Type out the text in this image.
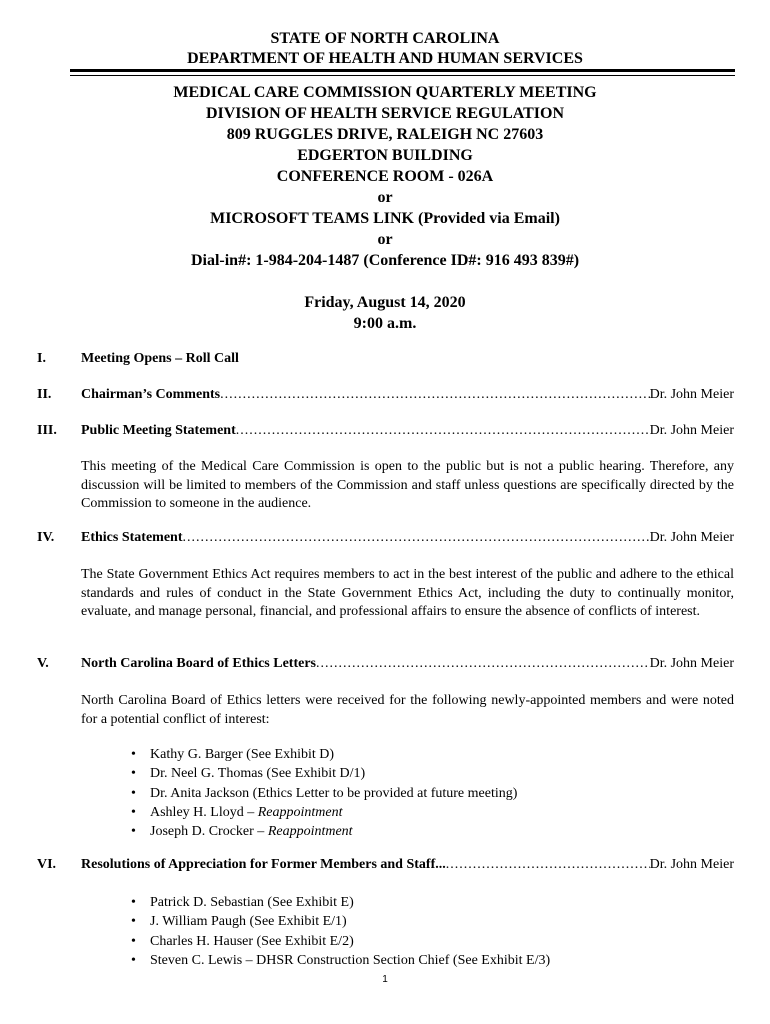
STATE OF NORTH CAROLINA
DEPARTMENT OF HEALTH AND HUMAN SERVICES
MEDICAL CARE COMMISSION QUARTERLY MEETING
DIVISION OF HEALTH SERVICE REGULATION
809 RUGGLES DRIVE, RALEIGH NC 27603
EDGERTON BUILDING
CONFERENCE ROOM - 026A
or
MICROSOFT TEAMS LINK (Provided via Email)
or
Dial-in#: 1-984-204-1487 (Conference ID#: 916 493 839#)
Friday, August 14, 2020
9:00 a.m.
I.	Meeting Opens – Roll Call
II. Chairman’s Comments .....	Dr. John Meier
III. Public Meeting Statement .....	Dr. John Meier
This meeting of the Medical Care Commission is open to the public but is not a public hearing. Therefore, any discussion will be limited to members of the Commission and staff unless questions are specifically directed by the Commission to someone in the audience.
IV. Ethics Statement .....	Dr. John Meier
The State Government Ethics Act requires members to act in the best interest of the public and adhere to the ethical standards and rules of conduct in the State Government Ethics Act, including the duty to continually monitor, evaluate, and manage personal, financial, and professional affairs to ensure the absence of conflicts of interest.
V. North Carolina Board of Ethics Letters .....	Dr. John Meier
North Carolina Board of Ethics letters were received for the following newly-appointed members and were noted for a potential conflict of interest:
• Kathy G. Barger (See Exhibit D)
• Dr. Neel G. Thomas (See Exhibit D/1)
• Dr. Anita Jackson (Ethics Letter to be provided at future meeting)
• Ashley H. Lloyd – Reappointment
• Joseph D. Crocker – Reappointment
VI. Resolutions of Appreciation for Former Members and Staff... .....	Dr. John Meier
• Patrick D. Sebastian (See Exhibit E)
• J. William Paugh (See Exhibit E/1)
• Charles H. Hauser (See Exhibit E/2)
• Steven C. Lewis – DHSR Construction Section Chief (See Exhibit E/3)
1
